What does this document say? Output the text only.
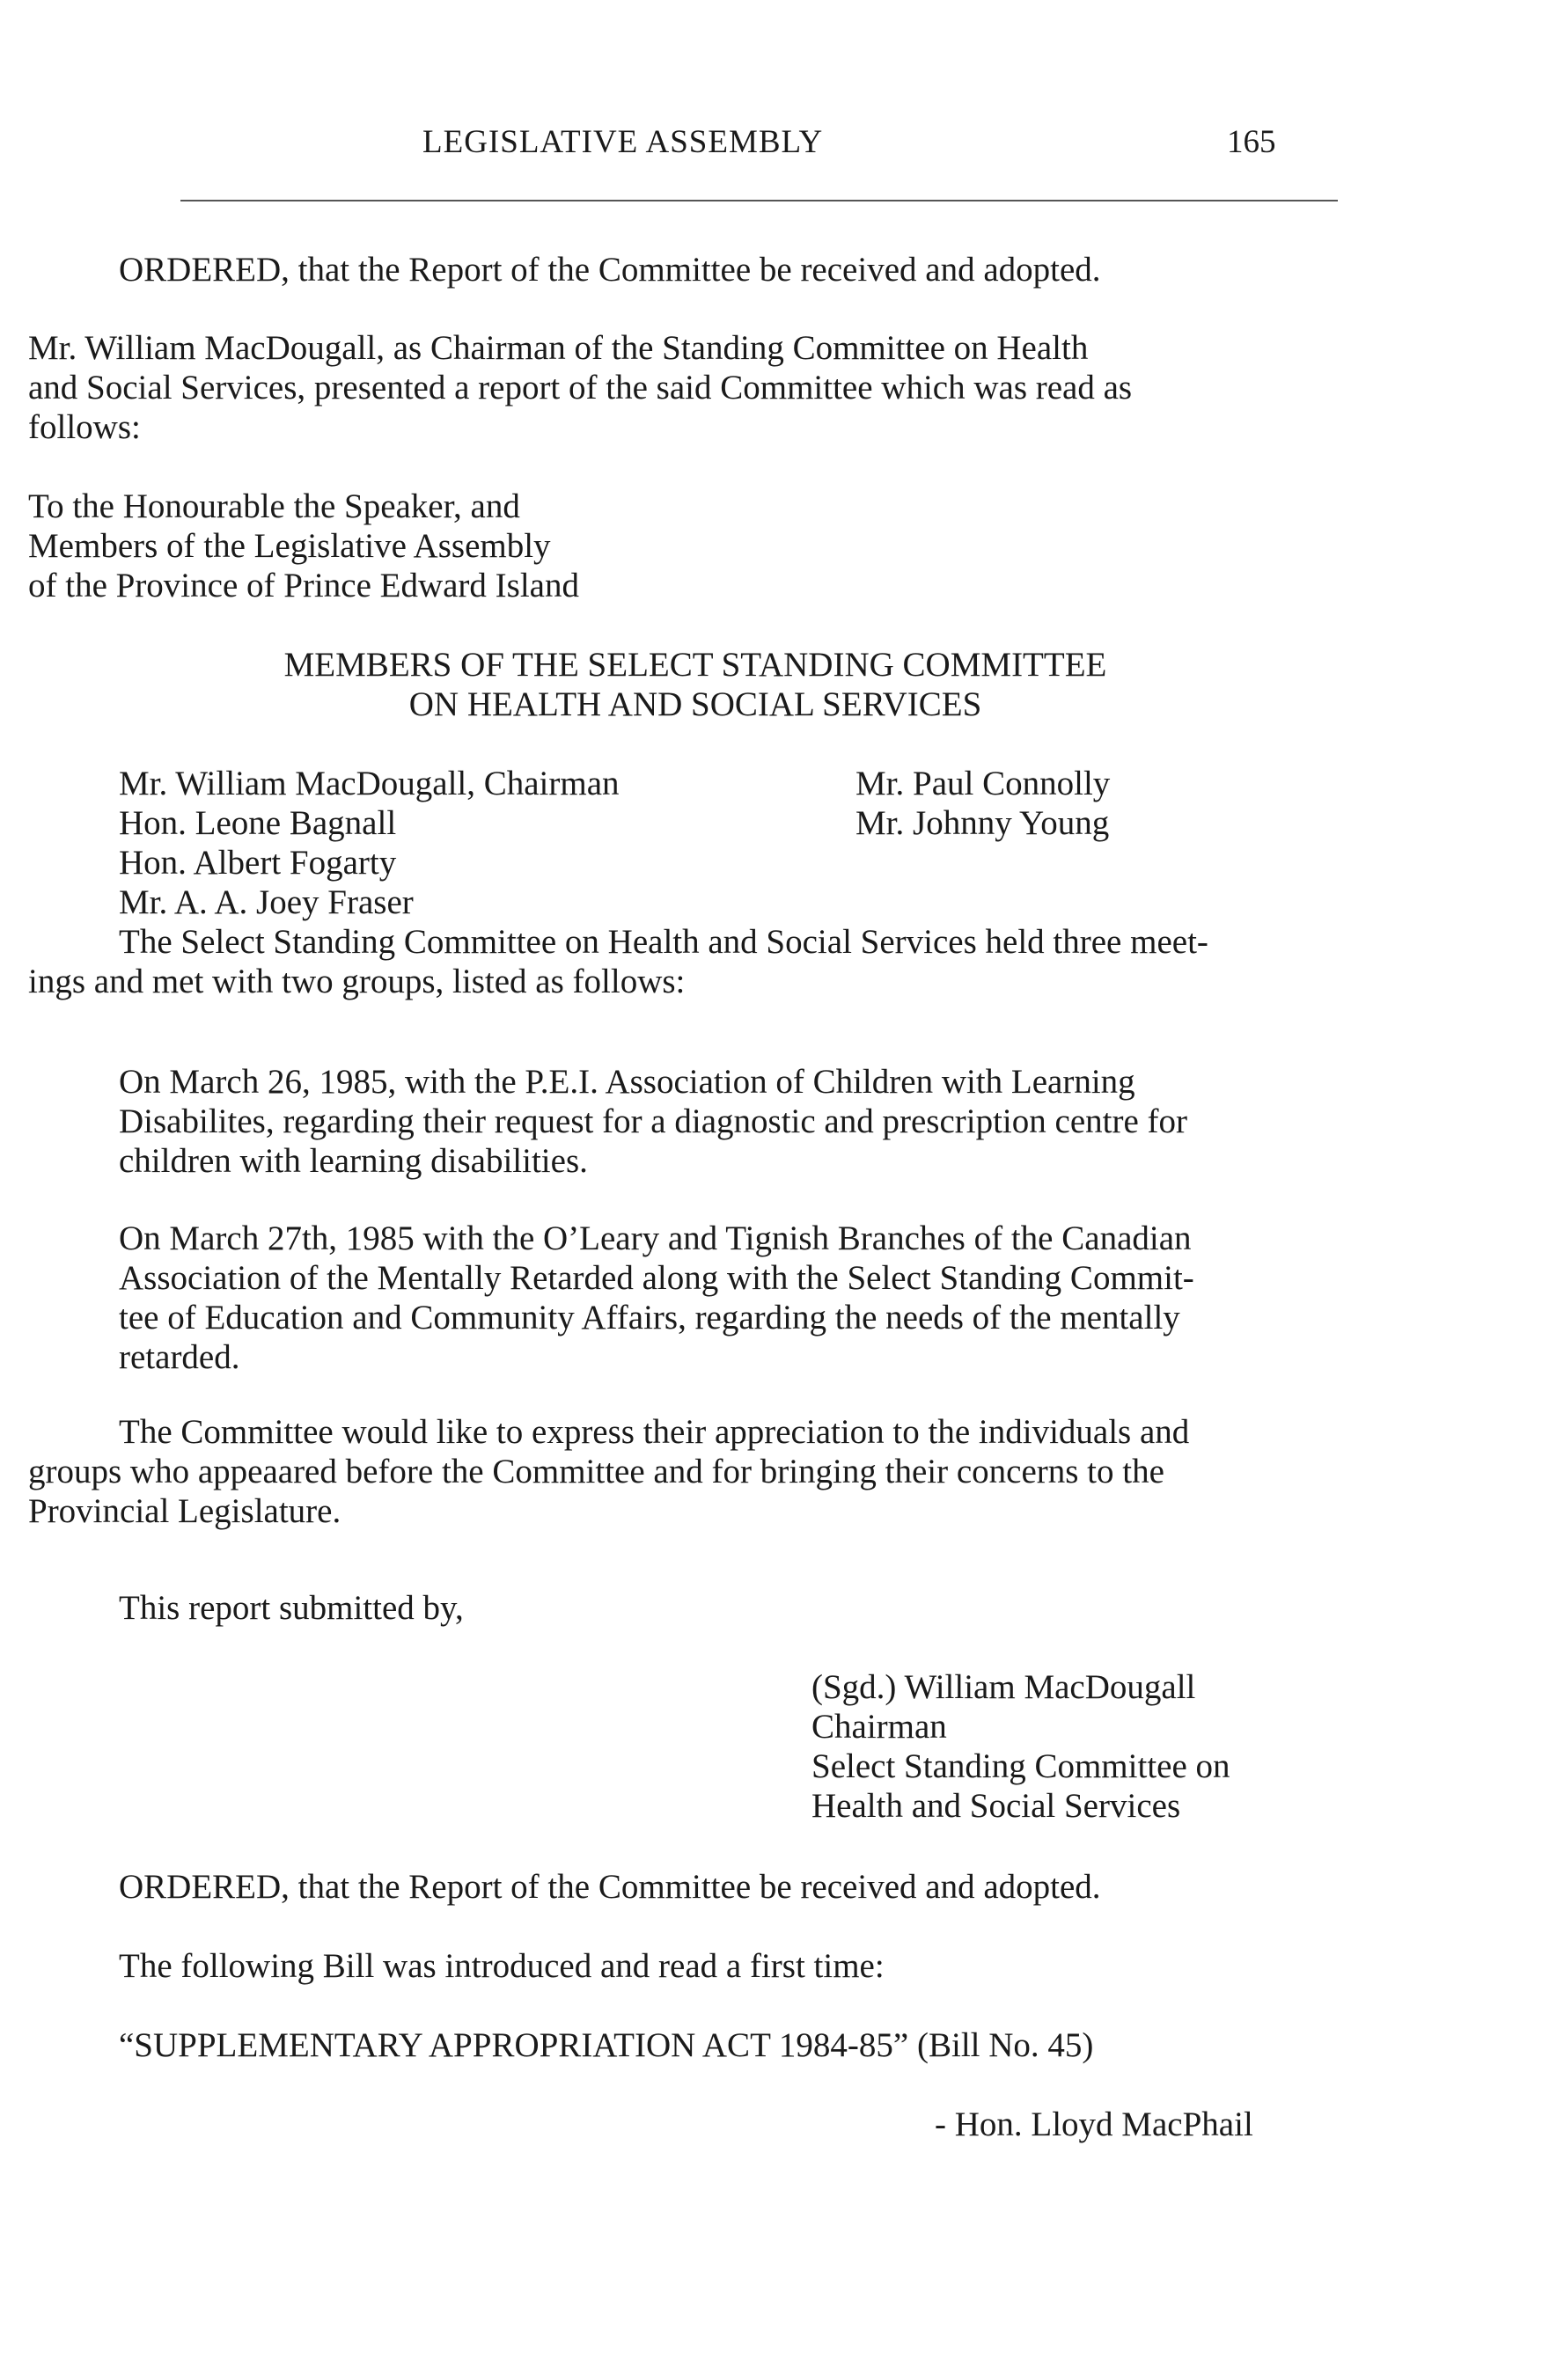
LEGISLATIVE ASSEMBLY	165
ORDERED, that the Report of the Committee be received and adopted.
Mr. William MacDougall, as Chairman of the Standing Committee on Health
and Social Services, presented a report of the said Committee which was read as
follows:
To the Honourable the Speaker, and
Members of the Legislative Assembly
of the Province of Prince Edward Island
MEMBERS OF THE SELECT STANDING COMMITTEE
ON HEALTH AND SOCIAL SERVICES
Mr. William MacDougall, Chairman
Hon. Leone Bagnall
Hon. Albert Fogarty
Mr. A. A. Joey Fraser
Mr. Paul Connolly
Mr. Johnny Young
The Select Standing Committee on Health and Social Services held three meet-
ings and met with two groups, listed as follows:
On March 26, 1985, with the P.E.I. Association of Children with Learning
Disabilites, regarding their request for a diagnostic and prescription centre for
children with learning disabilities.
On March 27th, 1985 with the O’Leary and Tignish Branches of the Canadian
Association of the Mentally Retarded along with the Select Standing Commit-
tee of Education and Community Affairs, regarding the needs of the mentally
retarded.
The Committee would like to express their appreciation to the individuals and
groups who appeaared before the Committee and for bringing their concerns to the
Provincial Legislature.
This report submitted by,
(Sgd.) William MacDougall
Chairman
Select Standing Committee on
Health and Social Services
ORDERED, that the Report of the Committee be received and adopted.
The following Bill was introduced and read a first time:
“SUPPLEMENTARY APPROPRIATION ACT 1984-85” (Bill No. 45)
- Hon. Lloyd MacPhail
